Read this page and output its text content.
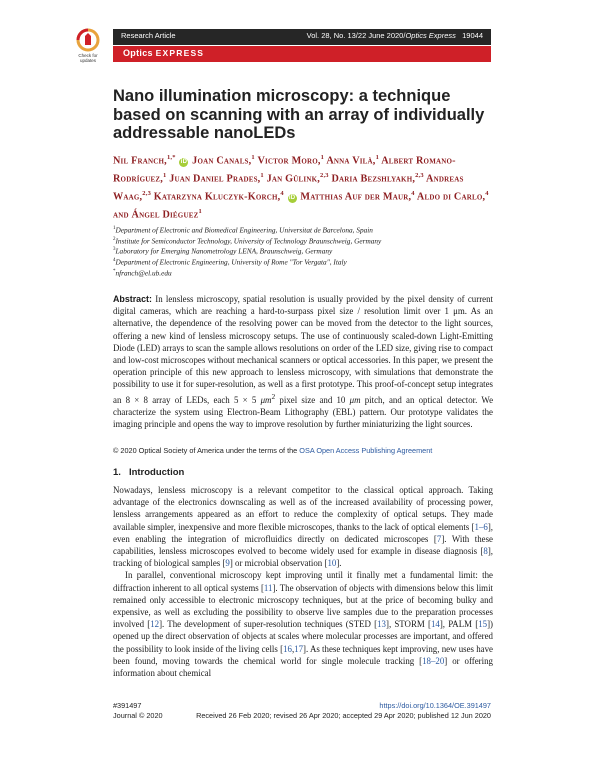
Check for updates
Research Article	Vol. 28, No. 13/22 June 2020/Optics Express 19044
Optics EXPRESS
Nano illumination microscopy: a technique based on scanning with an array of individually addressable nanoLEDs
Nil Franch,$^{1,*}$ iD Joan Canals,$^1$ Victor Moro,$^1$ Anna Vilà,$^1$ Albert Romano-Rodríguez,$^1$ Juan Daniel Prades,$^1$ Jan Gülink,$^{2,3}$ Daria Bezshlyakh,$^{2,3}$ Andreas Waag,$^{2,3}$ Katarzyna Kluczyk-Korch,$^4$ iD Matthias Auf der Maur,$^4$ Aldo di Carlo,$^4$ and Ángel Diéguez$^1$
$^1$Department of Electronic and Biomedical Engineering, Universitat de Barcelona, Spain
$^2$Institute for Semiconductor Technology, University of Technology Braunschweig, Germany
$^3$Laboratory for Emerging Nanometrology LENA, Braunschweig, Germany
$^4$Department of Electronic Engineering, University of Rome "Tor Vergata", Italy
*nfranch@el.ub.edu
Abstract: In lensless microscopy, spatial resolution is usually provided by the pixel density of current digital cameras, which are reaching a hard-to-surpass pixel size / resolution limit over 1 μm. As an alternative, the dependence of the resolving power can be moved from the detector to the light sources, offering a new kind of lensless microscopy setups. The use of continuously scaled-down Light-Emitting Diode (LED) arrays to scan the sample allows resolutions on order of the LED size, giving rise to compact and low-cost microscopes without mechanical scanners or optical accessories. In this paper, we present the operation principle of this new approach to lensless microscopy, with simulations that demonstrate the possibility to use it for super-resolution, as well as a first prototype. This proof-of-concept setup integrates an 8 × 8 array of LEDs, each 5 × 5 $\mu m^2$ pixel size and 10 μm pitch, and an optical detector. We characterize the system using Electron-Beam Lithography (EBL) pattern. Our prototype validates the imaging principle and opens the way to improve resolution by further miniaturizing the light sources.
© 2020 Optical Society of America under the terms of the OSA Open Access Publishing Agreement
1. Introduction

Nowadays, lensless microscopy is a relevant competitor to the classical optical approach. Taking advantage of the electronics downscaling as well as of the increased availability of processing power, lensless arrangements appeared as an effort to reduce the complexity of optical setups. They made available simpler, inexpensive and more flexible microscopes, thanks to the lack of optical elements [1–6], even enabling the integration of microfluidics directly on dedicated microscopes [7]. With these capabilities, lensless microscopes evolved to become widely used for example in disease diagnosis [8], tracking of biological samples [9] or microbial observation [10].

In parallel, conventional microscopy kept improving until it finally met a fundamental limit: the diffraction inherent to all optical systems [11]. The observation of objects with dimensions below this limit remained only accessible to electronic microscopy techniques, but at the price of becoming bulky and expensive, as well as excluding the possibility to observe live samples due to the preparation processes involved [12]. The development of super-resolution techniques (STED [13], STORM [14], PALM [15]) opened up the direct observation of objects at scales where molecular processes are important, and offered the possibility to look inside of the living cells [16,17]. As these techniques kept improving, new uses have been found, moving towards the chemical world for single molecule tracking [18–20] or offering information about chemical

#391497
Journal © 2020
https://doi.org/10.1364/OE.391497
Received 26 Feb 2020; revised 26 Apr 2020; accepted 29 Apr 2020; published 12 Jun 2020
